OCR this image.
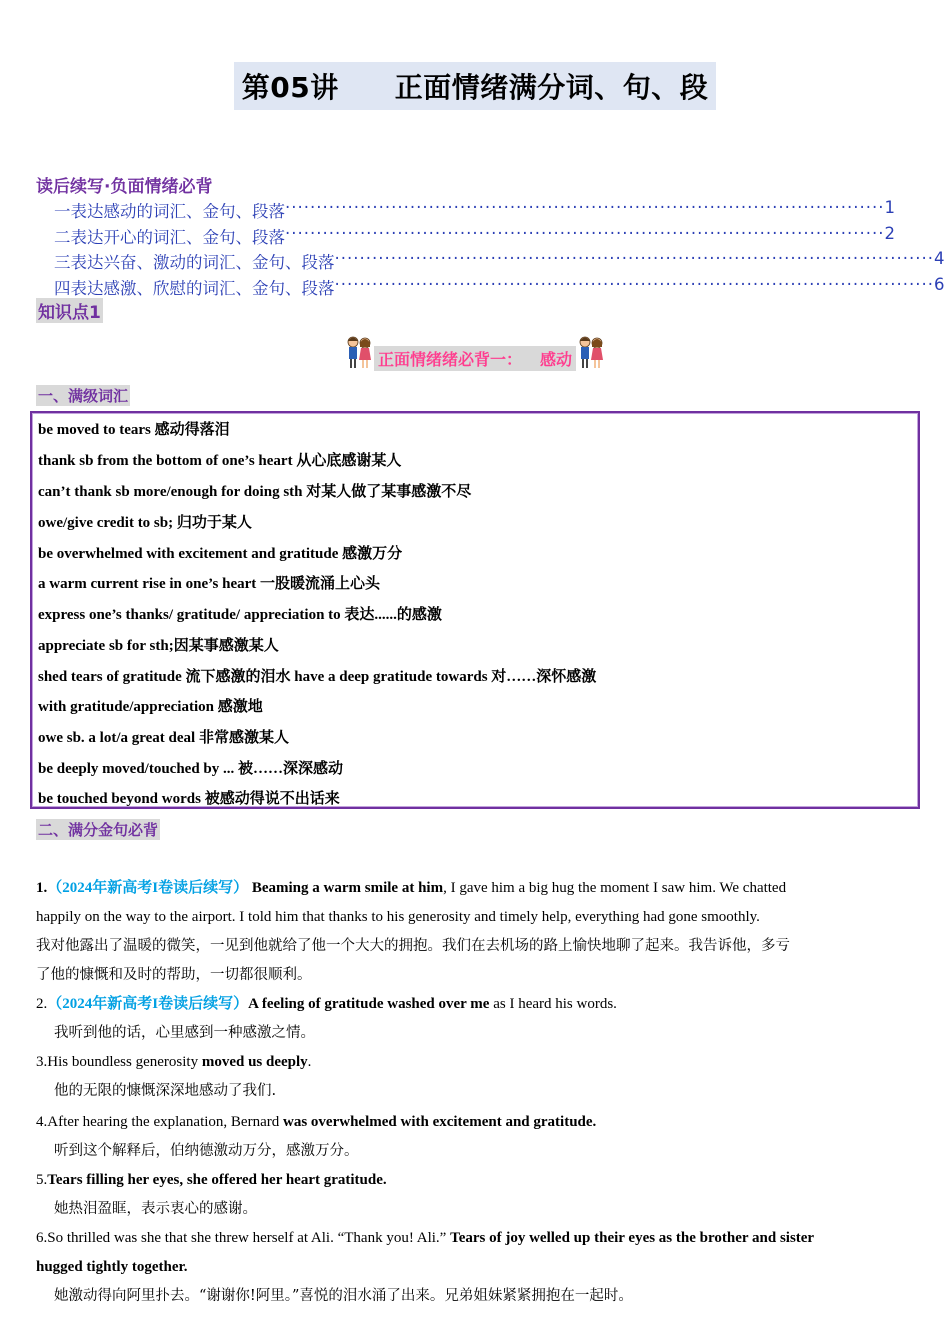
第05讲 正面情绪满分词、句、段
读后续写·负面情绪必背
一 表达感动的词汇、金句、段落 ································································································ 1
二 表达开心的词汇、金句、段落 ································································································ 2
三 表达兴奋、激动的词汇、金句、段落 ································································································ 4
四 表达感激、欣慰的词汇、金句、段落 ································································································ 6
知识点1
正面情绪绪必背一： 感动
一、满级词汇
be moved to tears 感动得落泪
thank sb from the bottom of one’s heart 从心底感谢某人
can’t thank sb more/enough for doing sth 对某人做了某事感激不尽
owe/give credit to sb; 归功于某人
be overwhelmed with excitement and gratitude 感激万分
a warm current rise in one’s heart 一股暖流涌上心头
express one’s thanks/ gratitude/ appreciation to 表达......的感激
appreciate sb for sth;因某事感激某人
shed tears of gratitude 流下感激的泪水 have a deep gratitude towards 对……深怀感激
with gratitude/appreciation 感激地
owe sb. a lot/a great deal 非常感激某人
be deeply moved/touched by ... 被……深深感动
be touched beyond words 被感动得说不出话来
二、满分金句必背
1.（2024年新高考I卷读后续写） Beaming a warm smile at him, I gave him a big hug the moment I saw him. We chatted
happily on the way to the airport. I told him that thanks to his generosity and timely help, everything had gone smoothly.
我对他露出了温暖的微笑，一见到他就给了他一个大大的拥抱。我们在去机场的路上愉快地聊了起来。我告诉他，多亏
了他的慷慨和及时的帮助，一切都很顺利。
2.（2024年新高考I卷读后续写）A feeling of gratitude washed over me as I heard his words.
我听到他的话，心里感到一种感激之情。
3.His boundless generosity moved us deeply.
他的无限的慷慨深深地感动了我们.
4.After hearing the explanation, Bernard was overwhelmed with excitement and gratitude.
听到这个解释后，伯纳德激动万分，感激万分。
5.Tears filling her eyes, she offered her heart gratitude.
她热泪盈眶，表示衷心的感谢。
6.So thrilled was she that she threw herself at Ali. “Thank you! Ali.” Tears of joy welled up their eyes as the brother and sister
hugged tightly together.
她激动得向阿里扑去。“谢谢你!阿里。”喜悦的泪水涌了出来。兄弟姐妹紧紧拥抱在一起时。
